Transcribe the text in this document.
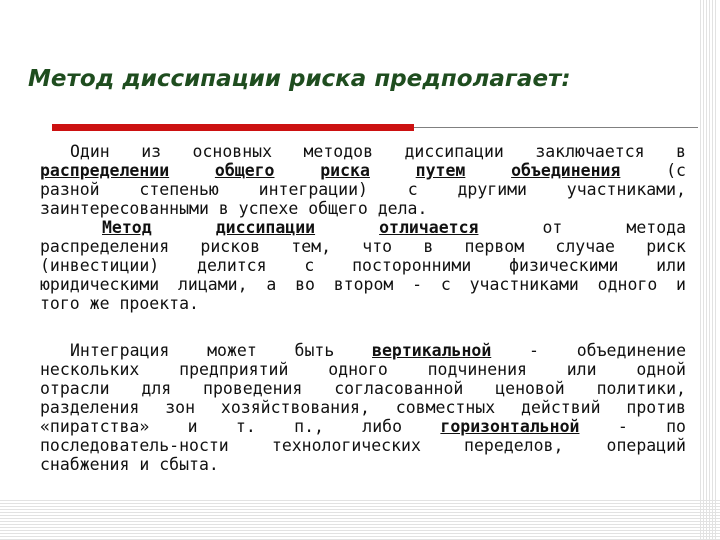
Методы диссипации и диссипативность
Метод диссипации риска предполагает:
Один из основных методов диссипации заключается в
распределении	общего	риска	путем	объединения	(с
разной степенью интеграции) с другими участниками,
заинтересованными в успехе общего дела.
Метод	диссипации	отличается	от метода
распределения рисков тем, что в первом случае риск
(инвестиции) делится с посторонними физическими или
юридическими лицами, а во втором - с участниками одного и
того же проекта.
Интеграция может быть вертикальной - объединение
нескольких предприятий одного подчинения или одной
отрасли для проведения согласованной ценовой политики,
разделения зон хозяйствования, совместных действий против
«пиратства» и т. п., либо горизонтальной - по
последователь-ности технологических переделов, операций
снабжения и сбыта.
